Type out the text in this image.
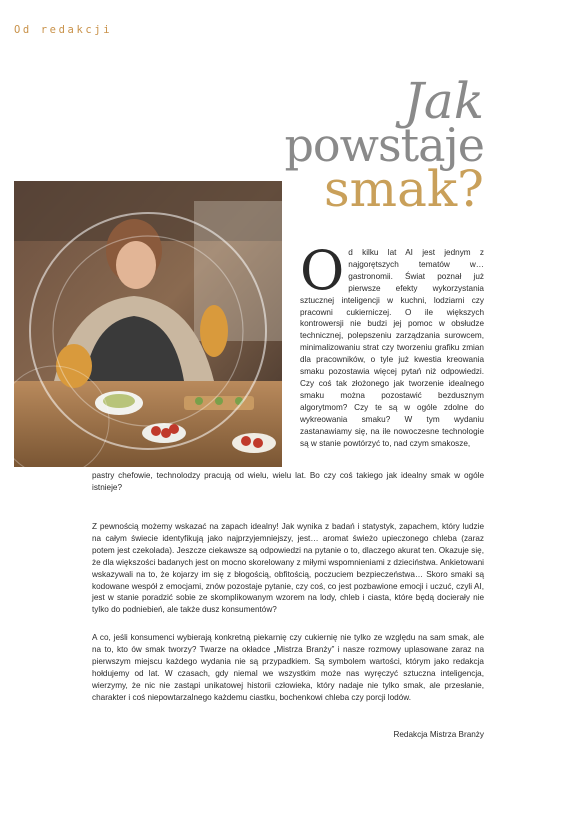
Od redakcji
Jak
powstaje
smak?
Od kilku lat AI jest jednym z najgorętszych tematów w… gastronomii. Świat poznał już pierwsze efekty wykorzystania sztucznej inteligencji w kuchni, lodziarni czy pracowni cukierniczej. O ile większych kontrowersji nie budzi jej pomoc w obsłudze technicznej, polepszeniu zarządzania surowcem, minimalizowaniu strat czy tworzeniu grafiku zmian dla pracowników, o tyle już kwestia kreowania smaku pozostawia więcej pytań niż odpowiedzi. Czy coś tak złożonego jak tworzenie idealnego smaku można pozostawić bezdusznym algorytmom? Czy te są w ogóle zdolne do wykreowania smaku? W tym wydaniu zastanawiamy się, na ile nowoczesne technologie są w stanie powtórzyć to, nad czym smakosze,
pastry chefowie, technolodzy pracują od wielu, wielu lat. Bo czy coś takiego jak idealny smak w ogóle istnieje?
Z pewnością możemy wskazać na zapach idealny! Jak wynika z badań i statystyk, zapachem, który ludzie na całym świecie identyfikują jako najprzyjemniejszy, jest… aromat świeżo upieczonego chleba (zaraz potem jest czekolada). Jeszcze ciekawsze są odpowiedzi na pytanie o to, dlaczego akurat ten. Okazuje się, że dla większości badanych jest on mocno skorelowany z miłymi wspomnieniami z dzieciństwa. Ankietowani wskazywali na to, że kojarzy im się z błogością, obfitością, poczuciem bezpieczeństwa… Skoro smaki są kodowane wespół z emocjami, znów pozostaje pytanie, czy coś, co jest pozbawione emocji i uczuć, czyli AI, jest w stanie poradzić sobie ze skomplikowanym wzorem na lody, chleb i ciasta, które będą docierały nie tylko do podniebień, ale także dusz konsumentów?
A co, jeśli konsumenci wybierają konkretną piekarnię czy cukiernię nie tylko ze względu na sam smak, ale na to, kto ów smak tworzy? Twarze na okładce „Mistrza Branży” i naszе rozmowy uplasowane zaraz na pierwszym miejscu każdego wydania nie są przypadkiem. Są symbolem wartości, którym jako redakcja hołdujemy od lat. W czasach, gdy niemal we wszystkim może nas wyręczyć sztuczna inteligencja, wierzymy, że nic nie zastąpi unikatowej historii człowieka, który nadaje nie tylko smak, ale przesłanie, charakter i coś niepowtarzalnego każdemu ciastku, bochenkowi chleba czy porcji lodów.
Redakcja Mistrza Branży
